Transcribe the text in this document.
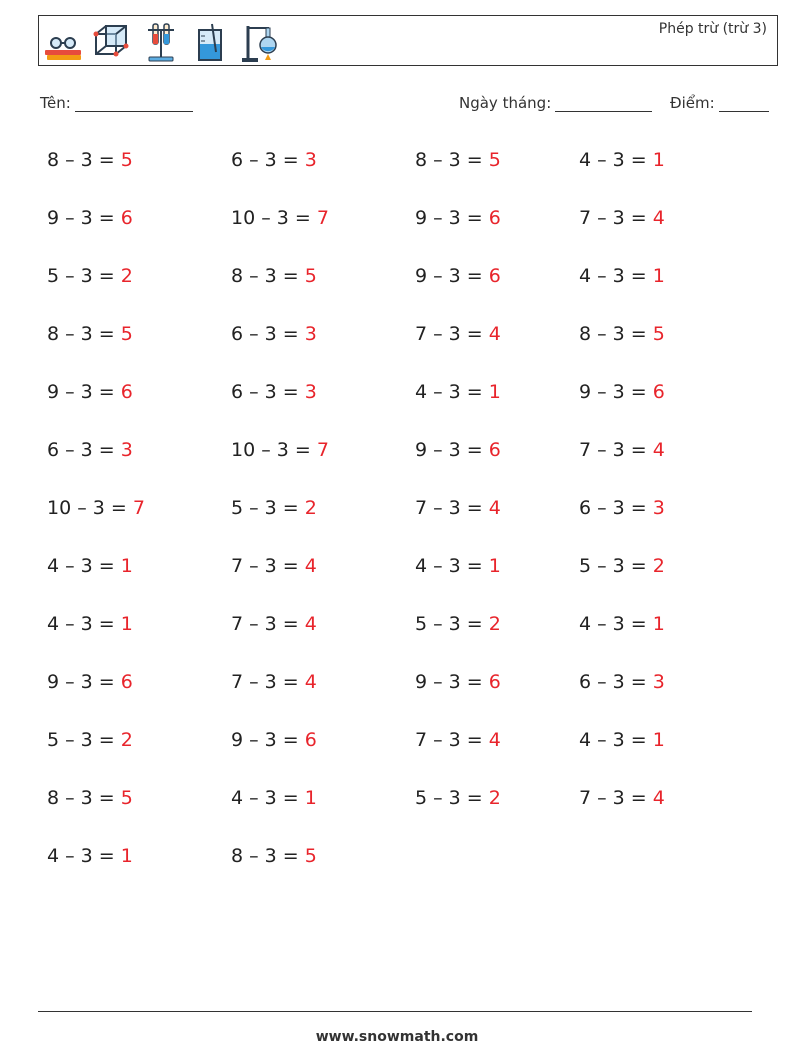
Phép trừ (trừ 3)
Tên:	Ngày tháng:	Điểm:
8 – 3 = 5	6 – 3 = 3	8 – 3 = 5	4 – 3 = 1
9 – 3 = 6	10 – 3 = 7	9 – 3 = 6	7 – 3 = 4
5 – 3 = 2	8 – 3 = 5	9 – 3 = 6	4 – 3 = 1
8 – 3 = 5	6 – 3 = 3	7 – 3 = 4	8 – 3 = 5
9 – 3 = 6	6 – 3 = 3	4 – 3 = 1	9 – 3 = 6
6 – 3 = 3	10 – 3 = 7	9 – 3 = 6	7 – 3 = 4
10 – 3 = 7	5 – 3 = 2	7 – 3 = 4	6 – 3 = 3
4 – 3 = 1	7 – 3 = 4	4 – 3 = 1	5 – 3 = 2
4 – 3 = 1	7 – 3 = 4	5 – 3 = 2	4 – 3 = 1
9 – 3 = 6	7 – 3 = 4	9 – 3 = 6	6 – 3 = 3
5 – 3 = 2	9 – 3 = 6	7 – 3 = 4	4 – 3 = 1
8 – 3 = 5	4 – 3 = 1	5 – 3 = 2	7 – 3 = 4
4 – 3 = 1	8 – 3 = 5
www.snowmath.com
